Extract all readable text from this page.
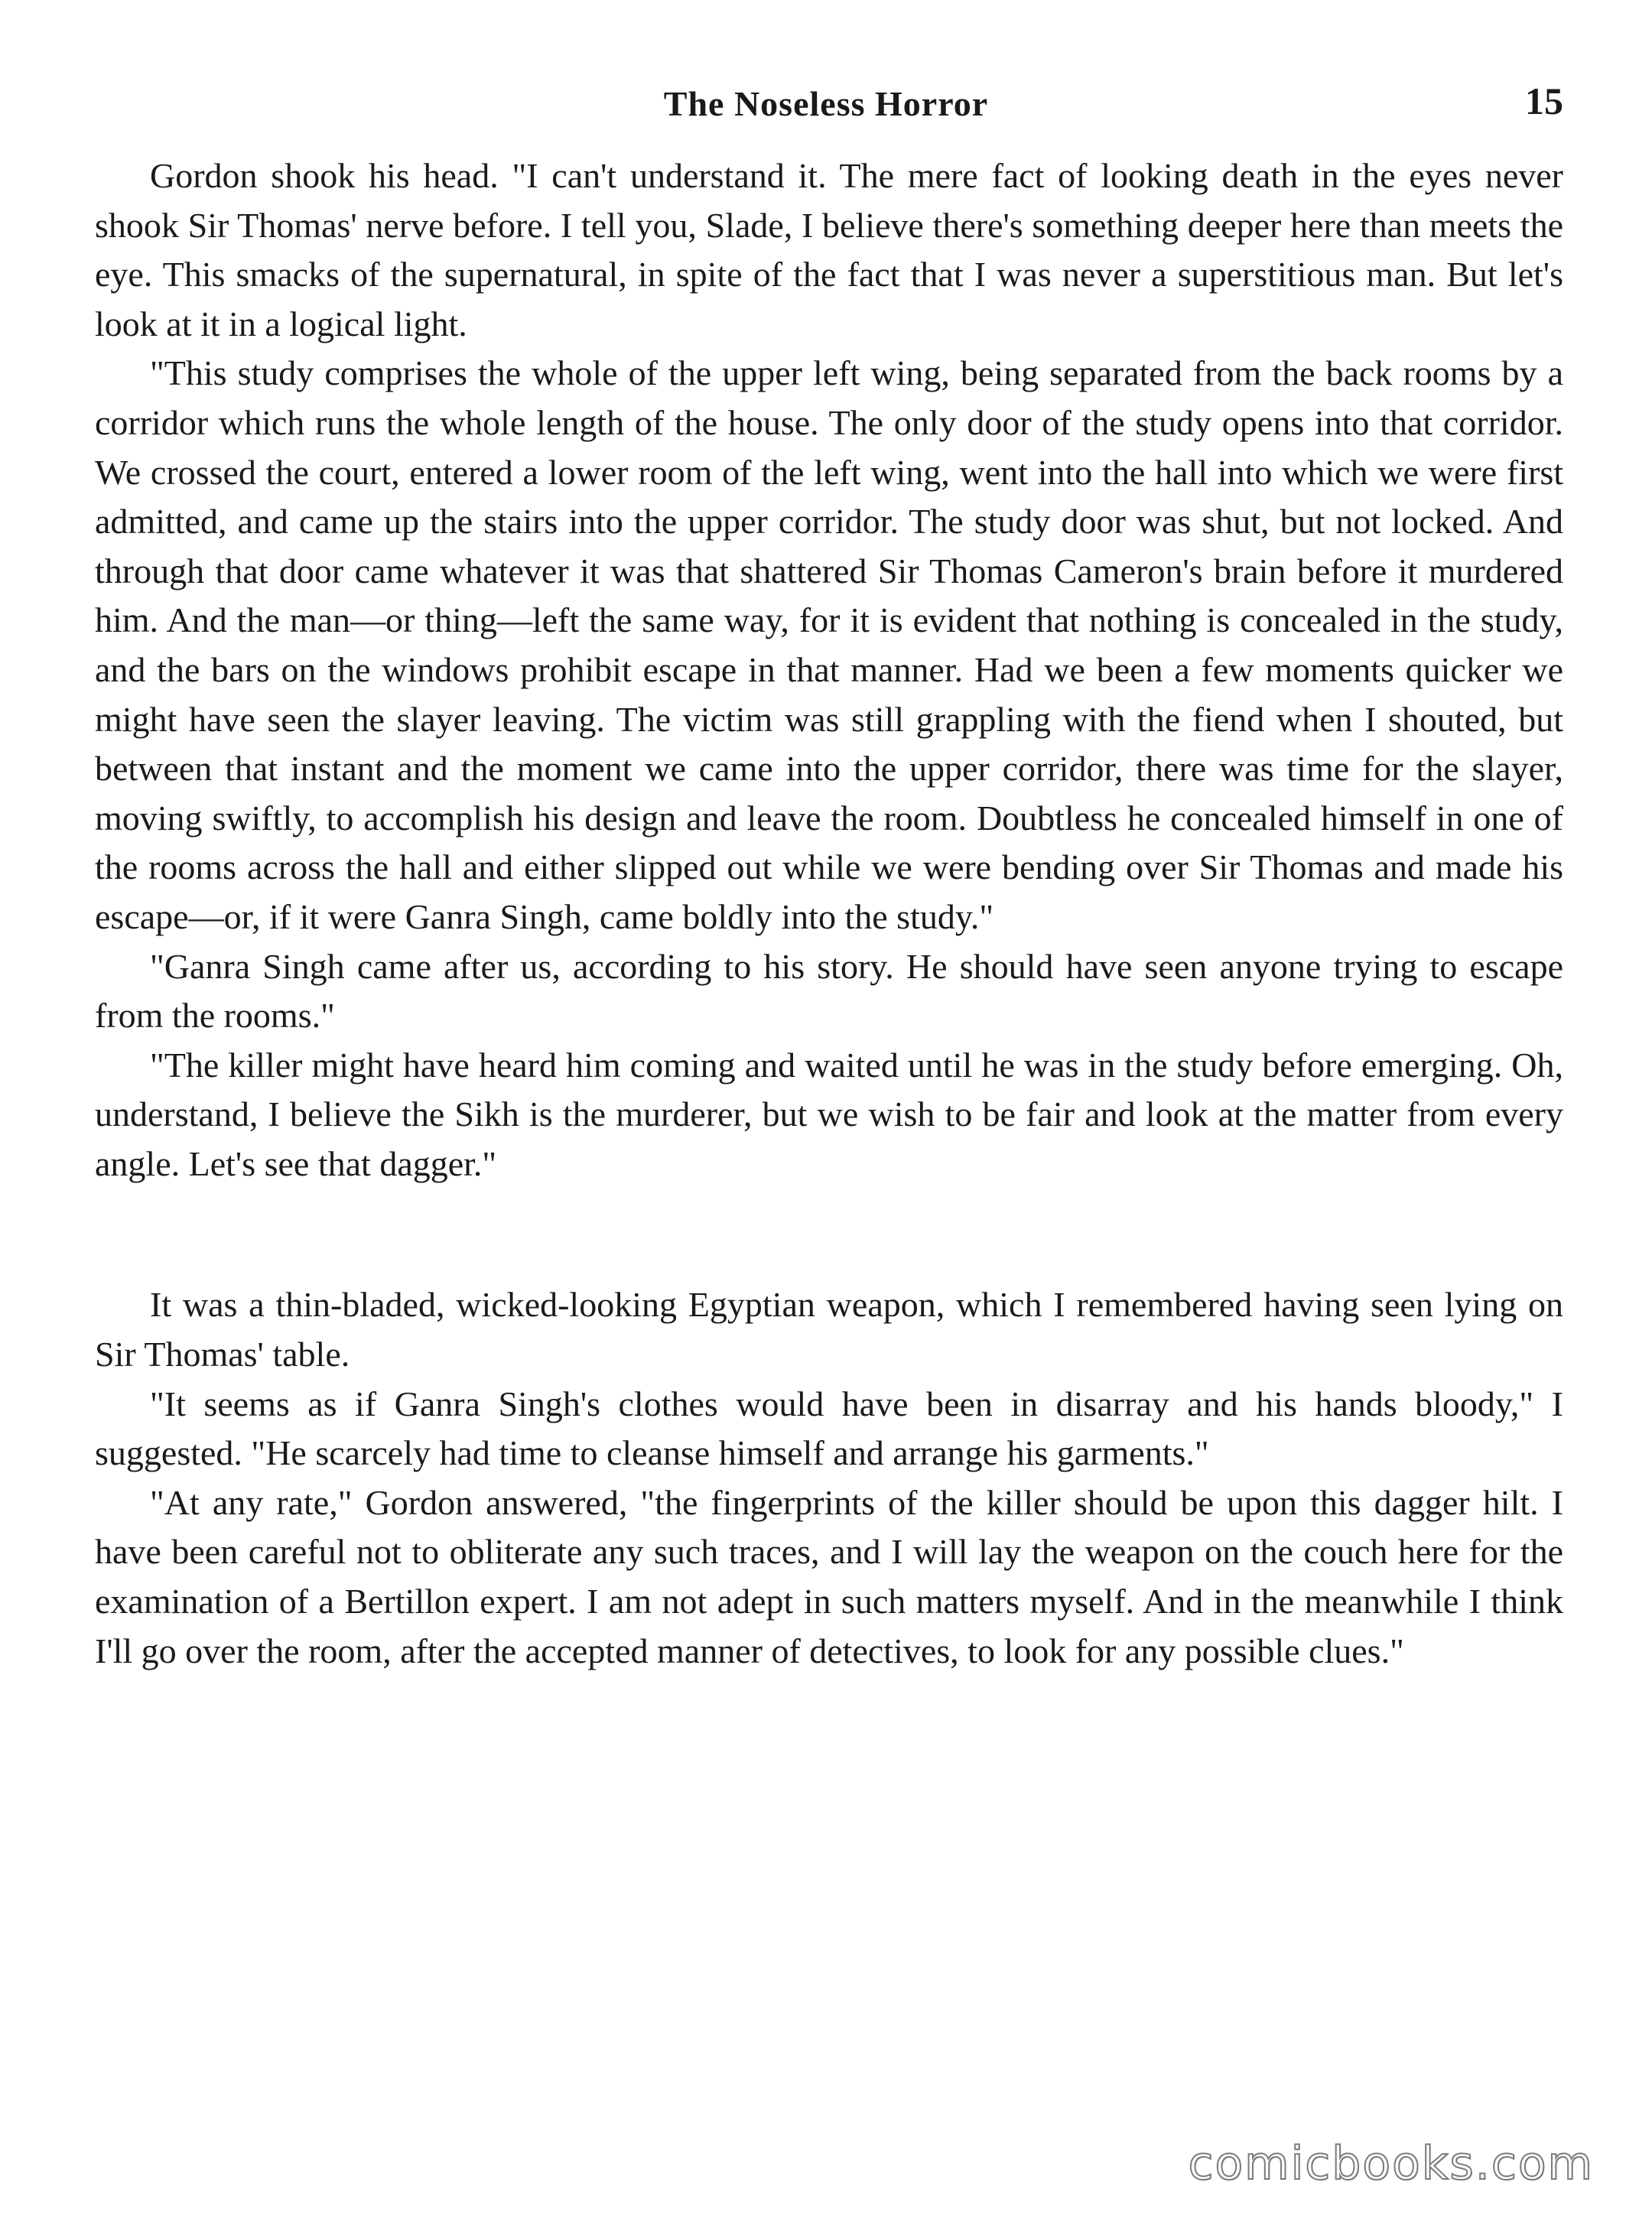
The Noseless Horror	15

Gordon shook his head. "I can't understand it. The mere fact of looking death in the eyes never shook Sir Thomas' nerve before. I tell you, Slade, I believe there's something deeper here than meets the eye. This smacks of the supernatural, in spite of the fact that I was never a superstitious man. But let's look at it in a logical light.

"This study comprises the whole of the upper left wing, being separated from the back rooms by a corridor which runs the whole length of the house. The only door of the study opens into that corridor. We crossed the court, entered a lower room of the left wing, went into the hall into which we were first admitted, and came up the stairs into the upper corridor. The study door was shut, but not locked. And through that door came whatever it was that shattered Sir Thomas Cameron's brain before it murdered him. And the man—or thing—left the same way, for it is evident that nothing is concealed in the study, and the bars on the windows prohibit escape in that manner. Had we been a few moments quicker we might have seen the slayer leaving. The victim was still grappling with the fiend when I shouted, but between that instant and the moment we came into the upper corridor, there was time for the slayer, moving swiftly, to accomplish his design and leave the room. Doubtless he concealed himself in one of the rooms across the hall and either slipped out while we were bending over Sir Thomas and made his escape—or, if it were Ganra Singh, came boldly into the study."

"Ganra Singh came after us, according to his story. He should have seen anyone trying to escape from the rooms."

"The killer might have heard him coming and waited until he was in the study before emerging. Oh, understand, I believe the Sikh is the murderer, but we wish to be fair and look at the matter from every angle. Let's see that dagger."

It was a thin-bladed, wicked-looking Egyptian weapon, which I remembered having seen lying on Sir Thomas' table.

"It seems as if Ganra Singh's clothes would have been in disarray and his hands bloody," I suggested. "He scarcely had time to cleanse himself and arrange his garments."

"At any rate," Gordon answered, "the fingerprints of the killer should be upon this dagger hilt. I have been careful not to obliterate any such traces, and I will lay the weapon on the couch here for the examination of a Bertillon expert. I am not adept in such matters myself. And in the meanwhile I think I'll go over the room, after the accepted manner of detectives, to look for any possible clues."

comicbooks.com
